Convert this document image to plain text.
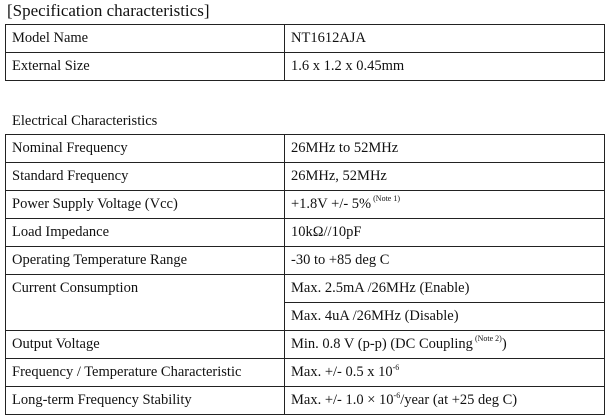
[Specification characteristics]
Model Name	NT1612AJA
External Size	1.6 x 1.2 x 0.45mm
Electrical Characteristics
Nominal Frequency	26MHz to 52MHz
Standard Frequency	26MHz, 52MHz
Power Supply Voltage (Vcc)	+1.8V +/- 5% $^{(Note 1)}$
Load Impedance	10kΩ//10pF
Operating Temperature Range	-30 to +85 deg C
Current Consumption	Max. 2.5mA /26MHz (Enable)
	Max. 4uA /26MHz (Disable)
Output Voltage	Min. 0.8 V (p-p) (DC Coupling $^{(Note 2)}$)
Frequency / Temperature Characteristic	Max. +/- 0.5 x $10^{-6}$
Long-term Frequency Stability	Max. +/- $1.0 \times 10^{-6}$/year (at +25 deg C)
